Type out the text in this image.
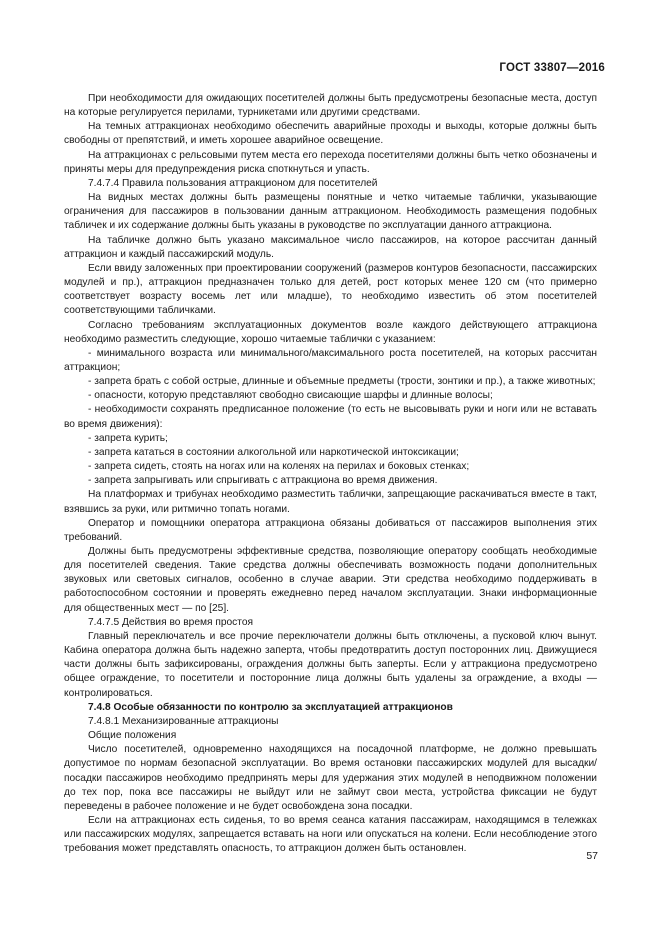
ГОСТ 33807—2016

При необходимости для ожидающих посетителей должны быть предусмотрены безопасные места, доступ на которые регулируется перилами, турникетами или другими средствами.

На темных аттракционах необходимо обеспечить аварийные проходы и выходы, которые должны быть свободны от препятствий, и иметь хорошее аварийное освещение.

На аттракционах с рельсовыми путем места его перехода посетителями должны быть четко обозначены и приняты меры для предупреждения риска споткнуться и упасть.

7.4.7.4 Правила пользования аттракционом для посетителей

На видных местах должны быть размещены понятные и четко читаемые таблички, указывающие ограничения для пассажиров в пользовании данным аттракционом. Необходимость размещения подобных табличек и их содержание должны быть указаны в руководстве по эксплуатации данного аттракциона.

На табличке должно быть указано максимальное число пассажиров, на которое рассчитан данный аттракцион и каждый пассажирский модуль.

Если ввиду заложенных при проектировании сооружений (размеров контуров безопасности, пассажирских модулей и пр.), аттракцион предназначен только для детей, рост которых менее 120 см (что примерно соответствует возрасту восемь лет или младше), то необходимо известить об этом посетителей соответствующими табличками.

Согласно требованиям эксплуатационных документов возле каждого действующего аттракциона необходимо разместить следующие, хорошо читаемые таблички с указанием:

- минимального возраста или минимального/максимального роста посетителей, на которых рассчитан аттракцион;

- запрета брать с собой острые, длинные и объемные предметы (трости, зонтики и пр.), а также животных;

- опасности, которую представляют свободно свисающие шарфы и длинные волосы;

- необходимости сохранять предписанное положение (то есть не высовывать руки и ноги или не вставать во время движения):

- запрета курить;

- запрета кататься в состоянии алкогольной или наркотической интоксикации;

- запрета сидеть, стоять на ногах или на коленях на перилах и боковых стенках;

- запрета запрыгивать или спрыгивать с аттракциона во время движения.

На платформах и трибунах необходимо разместить таблички, запрещающие раскачиваться вместе в такт, взявшись за руки, или ритмично топать ногами.

Оператор и помощники оператора аттракциона обязаны добиваться от пассажиров выполнения этих требований.

Должны быть предусмотрены эффективные средства, позволяющие оператору сообщать необходимые для посетителей сведения. Такие средства должны обеспечивать возможность подачи дополнительных звуковых или световых сигналов, особенно в случае аварии. Эти средства необходимо поддерживать в работоспособном состоянии и проверять ежедневно перед началом эксплуатации. Знаки информационные для общественных мест — по [25].

7.4.7.5 Действия во время простоя

Главный переключатель и все прочие переключатели должны быть отключены, а пусковой ключ вынут. Кабина оператора должна быть надежно заперта, чтобы предотвратить доступ посторонних лиц. Движущиеся части должны быть зафиксированы, ограждения должны быть заперты. Если у аттракциона предусмотрено общее ограждение, то посетители и посторонние лица должны быть удалены за ограждение, а входы — контролироваться.

7.4.8 Особые обязанности по контролю за эксплуатацией аттракционов

7.4.8.1 Механизированные аттракционы

Общие положения

Число посетителей, одновременно находящихся на посадочной платформе, не должно превышать допустимое по нормам безопасной эксплуатации. Во время остановки пассажирских модулей для высадки/посадки пассажиров необходимо предпринять меры для удержания этих модулей в неподвижном положении до тех пор, пока все пассажиры не выйдут или не займут свои места, устройства фиксации не будут переведены в рабочее положение и не будет освобождена зона посадки.

Если на аттракционах есть сиденья, то во время сеанса катания пассажирам, находящимся в тележках или пассажирских модулях, запрещается вставать на ноги или опускаться на колени. Если несоблюдение этого требования может представлять опасность, то аттракцион должен быть остановлен.

57
